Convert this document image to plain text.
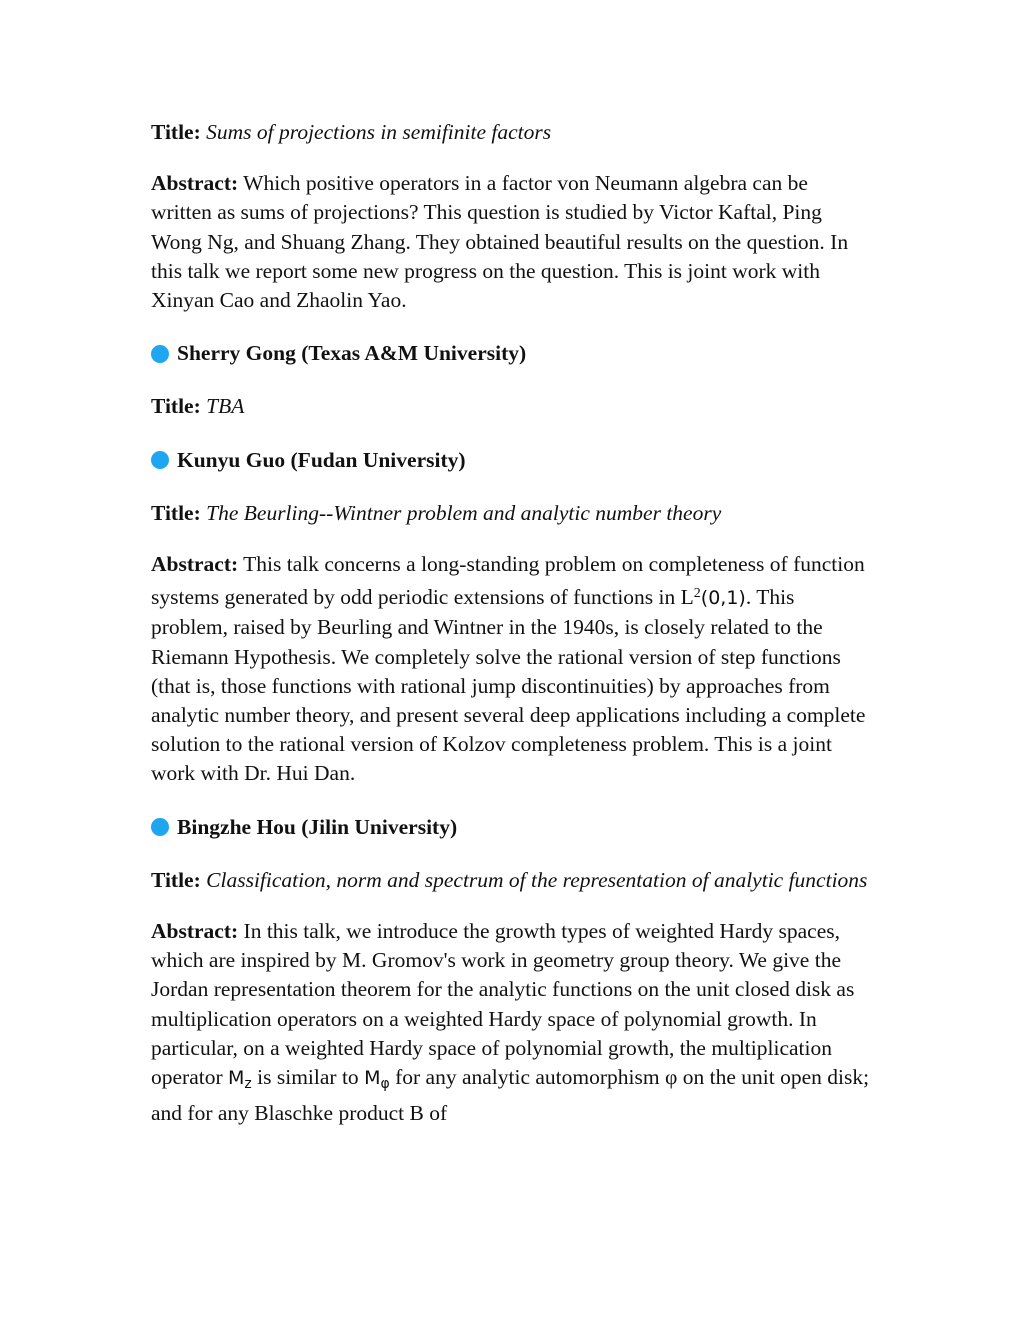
Title: Sums of projections in semifinite factors

Abstract: Which positive operators in a factor von Neumann algebra can be written as sums of projections? This question is studied by Victor Kaftal, Ping Wong Ng, and Shuang Zhang. They obtained beautiful results on the question. In this talk we report some new progress on the question. This is joint work with Xinyan Cao and Zhaolin Yao.

Sherry Gong (Texas A&M University)

Title: TBA

Kunyu Guo (Fudan University)

Title: The Beurling--Wintner problem and analytic number theory

Abstract: This talk concerns a long-standing problem on completeness of function systems generated by odd periodic extensions of functions in $L^2(0,1)$. This problem, raised by Beurling and Wintner in the 1940s, is closely related to the Riemann Hypothesis. We completely solve the rational version of step functions (that is, those functions with rational jump discontinuities) by approaches from analytic number theory, and present several deep applications including a complete solution to the rational version of Kolzov completeness problem. This is a joint work with Dr. Hui Dan.

Bingzhe Hou (Jilin University)

Title: Classification, norm and spectrum of the representation of analytic functions

Abstract: In this talk, we introduce the growth types of weighted Hardy spaces, which are inspired by M. Gromov's work in geometry group theory. We give the Jordan representation theorem for the analytic functions on the unit closed disk as multiplication operators on a weighted Hardy space of polynomial growth. In particular, on a weighted Hardy space of polynomial growth, the multiplication operator $M_z$ is similar to $M_\varphi$ for any analytic automorphism φ on the unit open disk; and for any Blaschke product B of
